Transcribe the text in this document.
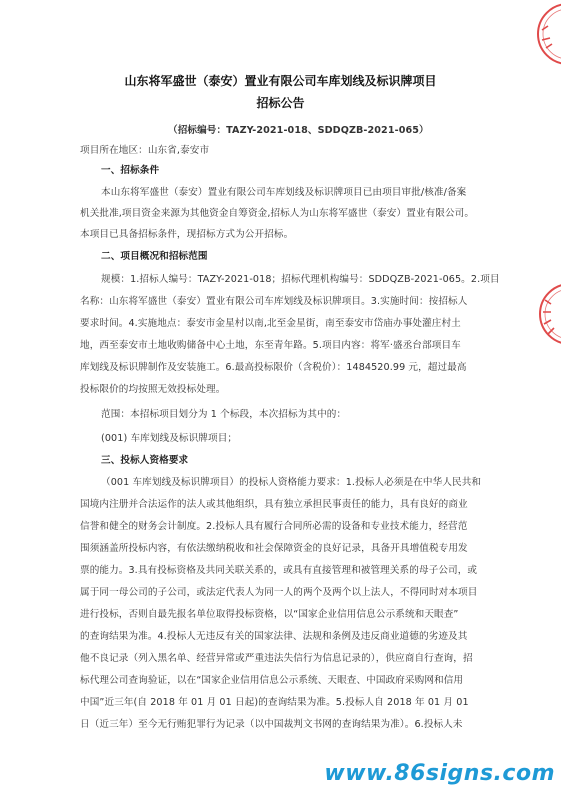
山东将军盛世（泰安）置业有限公司车库划线及标识牌项目
招标公告
（招标编号：TAZY-2021-018、SDDQZB-2021-065）
项目所在地区：山东省,泰安市
一、招标条件
本山东将军盛世（泰安）置业有限公司车库划线及标识牌项目已由项目审批/核准/备案
机关批准,项目资金来源为其他资金自筹资金,招标人为山东将军盛世（泰安）置业有限公司。
本项目已具备招标条件，现招标方式为公开招标。
二、项目概况和招标范围
规模：1.招标人编号：TAZY-2021-018；招标代理机构编号：SDDQZB-2021-065。2.项目
名称：山东将军盛世（泰安）置业有限公司车库划线及标识牌项目。3.实施时间：按招标人
要求时间。4.实施地点：泰安市金星村以南,北至金星街，南至泰安市岱庙办事处灌庄村土
地，西至泰安市土地收购储备中心土地，东至青年路。5.项目内容：将军·盛丞台部项目车
库划线及标识牌制作及安装施工。6.最高投标限价（含税价）：1484520.99 元，超过最高
投标限价的均按照无效投标处理。
范围：本招标项目划分为 1 个标段，本次招标为其中的：
(001) 车库划线及标识牌项目；
三、投标人资格要求
（001 车库划线及标识牌项目）的投标人资格能力要求：1.投标人必须是在中华人民共和
国境内注册并合法运作的法人或其他组织，具有独立承担民事责任的能力，具有良好的商业
信誉和健全的财务会计制度。2.投标人具有履行合同所必需的设备和专业技术能力，经营范
围须涵盖所投标内容，有依法缴纳税收和社会保障资金的良好记录，具备开具增值税专用发
票的能力。3.具有投标资格及共同关联关系的，或具有直接管理和被管理关系的母子公司，或
属于同一母公司的子公司，或法定代表人为同一人的两个及两个以上法人，不得同时对本项目
进行投标，否则自最先报名单位取得投标资格，以“国家企业信用信息公示系统和天眼查”
的查询结果为准。4.投标人无违反有关的国家法律、法规和条例及违反商业道德的劣迹及其
他不良记录（列入黑名单、经营异常或严重违法失信行为信息记录的），供应商自行查询，招
标代理公司查询验证，以在“国家企业信用信息公示系统、天眼查、中国政府采购网和信用
中国”近三年(自 2018 年 01 月 01 日起)的查询结果为准。5.投标人自 2018 年 01 月 01
日（近三年）至今无行贿犯罪行为记录（以中国裁判文书网的查询结果为准）。6.投标人未
www.86signs.com
